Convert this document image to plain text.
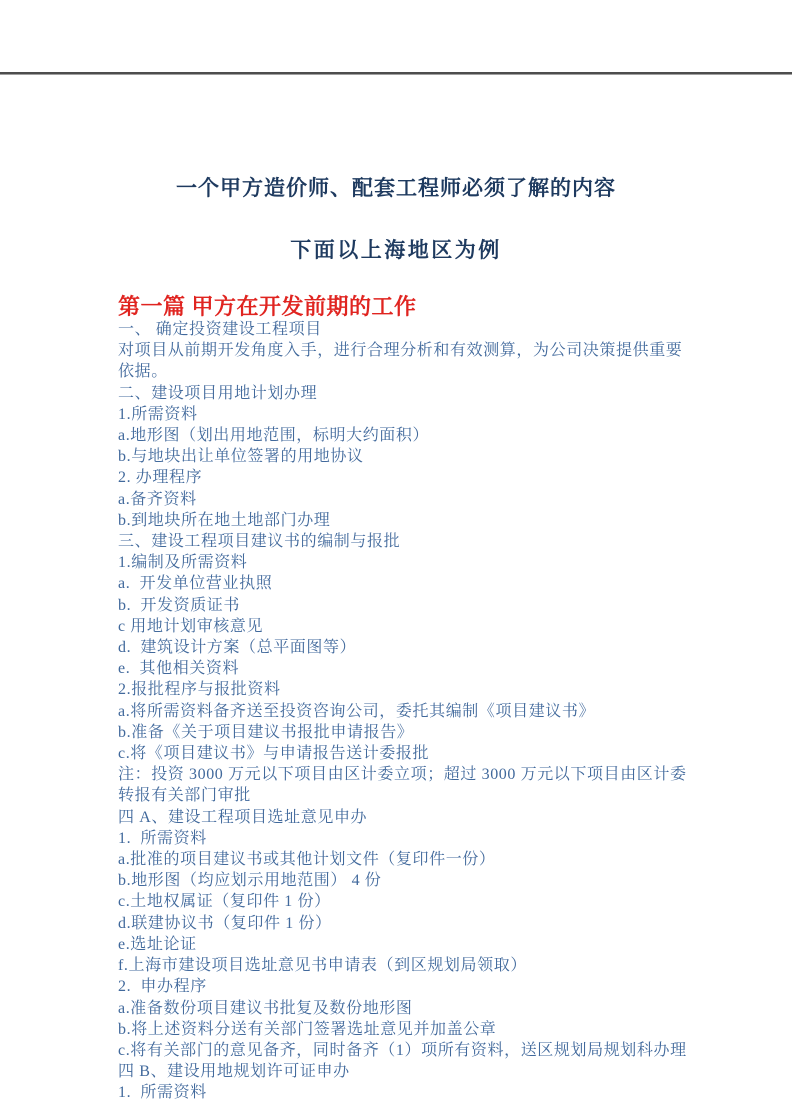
一个甲方造价师、配套工程师必须了解的内容
下面以上海地区为例
第一篇 甲方在开发前期的工作
一、 确定投资建设工程项目
对项目从前期开发角度入手，进行合理分析和有效测算，为公司决策提供重要
依据。
二、建设项目用地计划办理
1.所需资料
a.地形图（划出用地范围，标明大约面积）
b.与地块出让单位签署的用地协议
2. 办理程序
a.备齐资料
b.到地块所在地土地部门办理
三、建设工程项目建议书的编制与报批
1.编制及所需资料
a.  开发单位营业执照
b.  开发资质证书
c 用地计划审核意见
d.  建筑设计方案（总平面图等）
e.  其他相关资料
2.报批程序与报批资料
a.将所需资料备齐送至投资咨询公司，委托其编制《项目建议书》
b.准备《关于项目建议书报批申请报告》
c.将《项目建议书》与申请报告送计委报批
注：投资 3000 万元以下项目由区计委立项；超过 3000 万元以下项目由区计委
转报有关部门审批
四 A、建设工程项目选址意见申办
1.  所需资料
a.批准的项目建议书或其他计划文件（复印件一份）
b.地形图（均应划示用地范围） 4 份
c.土地权属证（复印件 1 份）
d.联建协议书（复印件 1 份）
e.选址论证
f.上海市建设项目选址意见书申请表（到区规划局领取）
2.  申办程序
a.准备数份项目建议书批复及数份地形图
b.将上述资料分送有关部门签署选址意见并加盖公章
c.将有关部门的意见备齐，同时备齐（1）项所有资料，送区规划局规划科办理
四 B、建设用地规划许可证申办
1.  所需资料
